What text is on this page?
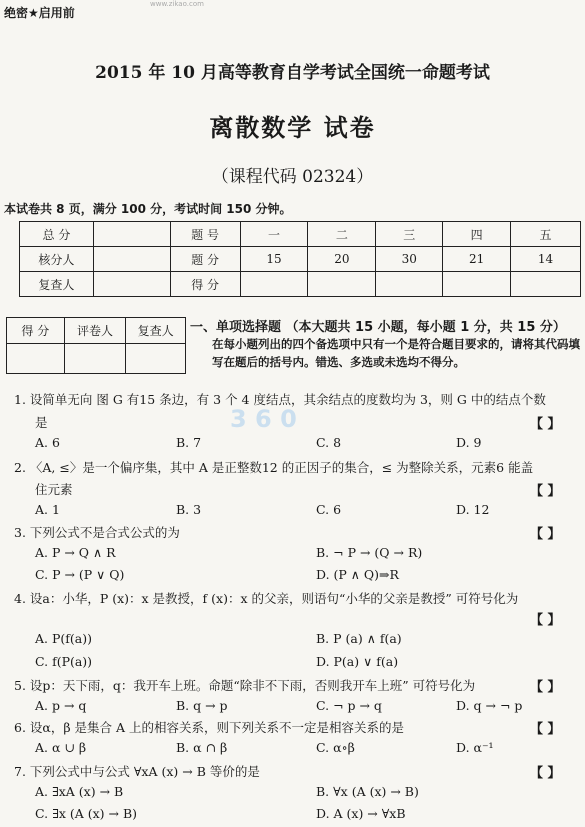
www.zikao.com
绝密★启用前
2015 年 10 月高等教育自学考试全国统一命题考试
离散数学 试卷
（课程代码 02324）
本试卷共 8 页，满分 100 分，考试时间 150 分钟。
总 分		题 号	一	二	三	四	五
核分人		题 分	15	20	30	21	14
复查人		得 分					
得 分	评卷人	复查人
		一、单项选择题 （本大题共 15 小题，每小题 1 分，共 15 分）
在每小题列出的四个备选项中只有一个是符合题目要求的，请将其代码填写在题后的括号内。错选、多选或未选均不得分。
3 6 0
1. 设简单无向 图 G 有15 条边，有 3 个 4 度结点，其余结点的度数均为 3，则 G 中的结点个数
是	【 】
A. 6	B. 7	C. 8	D. 9
2. 〈A, ≤〉是一个偏序集，其中 A 是正整数12 的正因子的集合，≤ 为整除关系，元素6 能盖
住元素	【 】
A. 1	B. 3	C. 6	D. 12
3. 下列公式不是合式公式的为	【 】
A. P → Q ∧ R	B. ¬ P → (Q → R)
C. P → (P ∨ Q)	D. (P ∧ Q)⇒R
4. 设a：小华，P (x)：x 是教授，f (x)：x 的父亲，则语句“小华的父亲是教授” 可符号化为
【 】
A. P(f(a))	B. P (a) ∧ f(a)
C. f(P(a))	D. P(a) ∨ f(a)
5. 设p：天下雨，q：我开车上班。命题“除非不下雨，否则我开车上班” 可符号化为	【 】
A. p → q	B. q → p	C. ¬ p → q	D. q → ¬ p
6. 设α，β 是集合 A 上的相容关系，则下列关系不一定是相容关系的是	【 】
A. α ∪ β	B. α ∩ β	C. α∘β	D. α⁻¹
7. 下列公式中与公式 ∀xA (x) → B 等价的是	【 】
A. ∃xA (x) → B	B. ∀x (A (x) → B)
C. ∃x (A (x) → B)	D. A (x) → ∀xB
